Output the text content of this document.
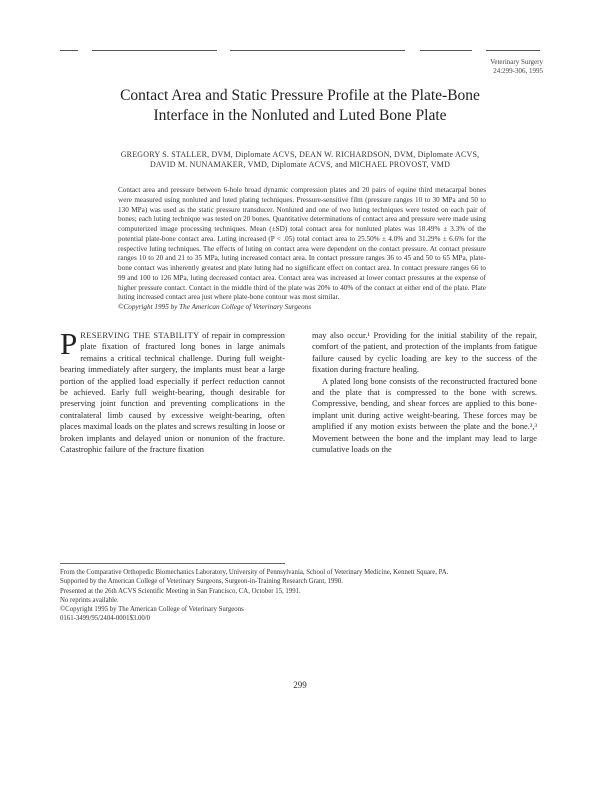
Veterinary Surgery
24:299-306, 1995
Contact Area and Static Pressure Profile at the Plate-Bone
Interface in the Nonluted and Luted Bone Plate
GREGORY S. STALLER, DVM, Diplomate ACVS, DEAN W. RICHARDSON, DVM, Diplomate ACVS,
DAVID M. NUNAMAKER, VMD, Diplomate ACVS, and MICHAEL PROVOST, VMD
Contact area and pressure between 6-hole broad dynamic compression plates and 20 pairs of equine third metacarpal bones were measured using nonluted and luted plating techniques. Pressure-sensitive film (pressure ranges 10 to 30 MPa and 50 to 130 MPa) was used as the static pressure transducer. Nonluted and one of two luting techniques were tested on each pair of bones; each luting technique was tested on 20 bones. Quantitative determinations of contact area and pressure were made using computerized image processing techniques. Mean (±SD) total contact area for nonluted plates was 18.49% ± 3.3% of the potential plate-bone contact area. Luting increased (P < .05) total contact area to 25.50% ± 4.0% and 31.29% ± 6.6% for the respective luting techniques. The effects of luting on contact area were dependent on the contact pressure. At contact pressure ranges 10 to 20 and 21 to 35 MPa, luting increased contact area. In contact pressure ranges 36 to 45 and 50 to 65 MPa, plate-bone contact was inherently greatest and plate luting had no significant effect on contact area. In contact pressure ranges 66 to 99 and 100 to 126 MPa, luting decreased contact area. Contact area was increased at lower contact pressures at the expense of higher pressure contact. Contact in the middle third of the plate was 20% to 40% of the contact at either end of the plate. Plate luting increased contact area just where plate-bone contour was most similar.
©Copyright 1995 by The American College of Veterinary Surgeons

PRESERVING THE STABILITY of repair in compression plate fixation of fractured long bones in large animals remains a critical technical challenge. During full weight-bearing immediately after surgery, the implants must bear a large portion of the applied load especially if perfect reduction cannot be achieved. Early full weight-bearing, though desirable for preserving joint function and preventing complications in the contralateral limb caused by excessive weight-bearing, often places maximal loads on the plates and screws resulting in loose or broken implants and delayed union or nonunion of the fracture. Catastrophic failure of the fracture fixation

may also occur.¹ Providing for the initial stability of the repair, comfort of the patient, and protection of the implants from fatigue failure caused by cyclic loading are key to the success of the fixation during fracture healing.

A plated long bone consists of the reconstructed fractured bone and the plate that is compressed to the bone with screws. Compressive, bending, and shear forces are applied to this bone-implant unit during active weight-bearing. These forces may be amplified if any motion exists between the plate and the bone.²,³ Movement between the bone and the implant may lead to large cumulative loads on the

From the Comparative Orthopedic Biomechanics Laboratory, University of Pennsylvania, School of Veterinary Medicine, Kennett Square, PA.
Supported by the American College of Veterinary Surgeons, Surgeon-in-Training Research Grant, 1990.
Presented at the 26th ACVS Scientific Meeting in San Francisco, CA, October 15, 1991.
No reprints available.
©Copyright 1995 by The American College of Veterinary Surgeons
0161-3499/95/2404-0001$3.00/0
299
